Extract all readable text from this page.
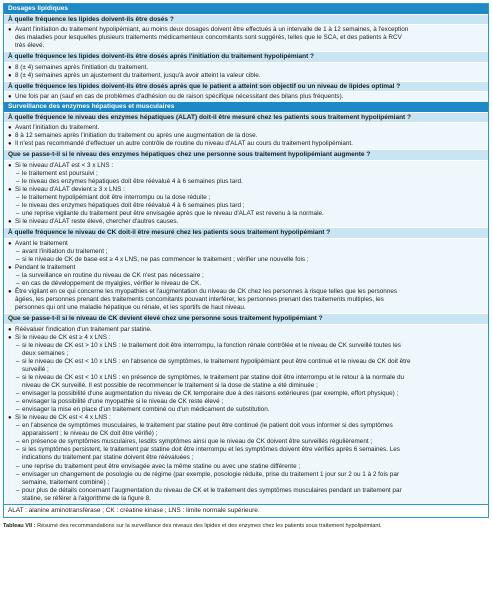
Dosages lipidiques
À quelle fréquence les lipides doivent-ils être dosés ?
● Avant l'initiation du traitement hypolipémiant, au moins deux dosages doivent être effectués à un intervalle de 1 à 12 semaines, à l'exception
des maladies pour lesquelles plusieurs traitements médicamenteux concomitants sont suggérés, telles que le SCA, et des patients à RCV
très élevé.
À quelle fréquence les lipides doivent-ils être dosés après l'initiation du traitement hypolipémiant ?
● 8 (± 4) semaines après l'initiation du traitement.
● 8 (± 4) semaines après un ajustement du traitement, jusqu'à avoir atteint la valeur cible.
À quelle fréquence les lipides doivent-ils être dosés après que le patient a atteint son objectif ou un niveau de lipides optimal ?
● Une fois par an (sauf en cas de problèmes d'adhésion ou de raison spécifique nécessitant des bilans plus fréquents).
Surveillance des enzymes hépatiques et musculaires
À quelle fréquence le niveau des enzymes hépatiques (ALAT) doit-il être mesuré chez les patients sous traitement hypolipémiant ?
● Avant l'initiation du traitement.
● 8 à 12 semaines après l'initiation du traitement ou après une augmentation de la dose.
● Il n'est pas recommandé d'effectuer un autre contrôle de routine du niveau d'ALAT au cours du traitement hypolipémiant.
Que se passe-t-il si le niveau des enzymes hépatiques chez une personne sous traitement hypolipémiant augmente ?
● Si le niveau d'ALAT est < 3 x LNS :
– le traitement est poursuivi ;
– le niveau des enzymes hépatiques doit être réévalué 4 à 6 semaines plus tard.
● Si le niveau d'ALAT devient ≥ 3 x LNS :
– le traitement hypolipémiant doit être interrompu ou la dose réduite ;
– le niveau des enzymes hépatiques doit être réévalué 4 à 6 semaines plus tard ;
– une reprise vigilante du traitement peut être envisagée après que le niveau d'ALAT est revenu à la normale.
● Si le niveau d'ALAT reste élevé, chercher d'autres causes.
À quelle fréquence le niveau de CK doit-il être mesuré chez les patients sous traitement hypolipémiant ?
● Avant le traitement
– avant l'initiation du traitement ;
– si le niveau de CK de base est ≥ 4 x LNS, ne pas commencer le traitement ; vérifier une nouvelle fois ;
● Pendant le traitement
– la surveillance en routine du niveau de CK n'est pas nécessaire ;
– en cas de développement de myalgies, vérifier le niveau de CK.
● Être vigilant en ce qui concerne les myopathies et l'augmentation du niveau de CK chez les personnes à risque telles que les personnes
âgées, les personnes prenant des traitements concomitants pouvant interférer, les personnes prenant des traitements multiples, les
personnes qui ont une maladie hépatique ou rénale, et les sportifs de haut niveau.
Que se passe-t-il si le niveau de CK devient élevé chez une personne sous traitement hypolipémiant ?
● Réévaluer l'indication d'un traitement par statine.
● Si le niveau de CK est ≥ 4 x LNS :
– si le niveau de CK est > 10 x LNS : le traitement doit être interrompu, la fonction rénale contrôlée et le niveau de CK surveillé toutes les
deux semaines ;
– si le niveau de CK est < 10 x LNS : en l'absence de symptômes, le traitement hypolipémiant peut être continué et le niveau de CK doit être
surveillé ;
– si le niveau de CK est < 10 x LNS : en présence de symptômes, le traitement par statine doit être interrompu et le retour à la normale du
niveau de CK surveillé. Il est possible de recommencer le traitement si la dose de statine a été diminuée ;
– envisager la possibilité d'une augmentation du niveau de CK temporaire due à des raisons extérieures (par exemple, effort physique) ;
– envisager la possibilité d'une myopathie si le niveau de CK reste élevé ;
– envisager la mise en place d'un traitement combiné ou d'un médicament de substitution.
● Si le niveau de CK est < 4 x LNS :
– en l'absence de symptômes musculaires, le traitement par statine peut être continué (le patient doit vous informer si des symptômes
apparaissent ; le niveau de CK doit être vérifié) ;
– en présence de symptômes musculaires, lesdits symptômes ainsi que le niveau de CK doivent être surveillés régulièrement ;
– si les symptômes persistent, le traitement par statine doit être interrompu et les symptômes doivent être vérifiés après 6 semaines. Les
indications du traitement par statine doivent être réévaluées ;
– une reprise du traitement peut être envisagée avec la même statine ou avec une statine différente ;
– envisager un changement de posologie ou de régime (par exemple, posologie réduite, prise du traitement 1 jour sur 2 ou 1 à 2 fois par
semaine, traitement combiné) ;
– pour plus de détails concernant l'augmentation du niveau de CK et le traitement des symptômes musculaires pendant un traitement par
statine, se référer à l'algorithme de la figure 8.
ALAT : alanine aminotransférase ; CK : créatine kinase ; LNS : limite normale supérieure.
Tableau VII : Résumé des recommandations sur la surveillance des niveaux des lipides et des enzymes chez les patients sous traitement hypolipémiant.
